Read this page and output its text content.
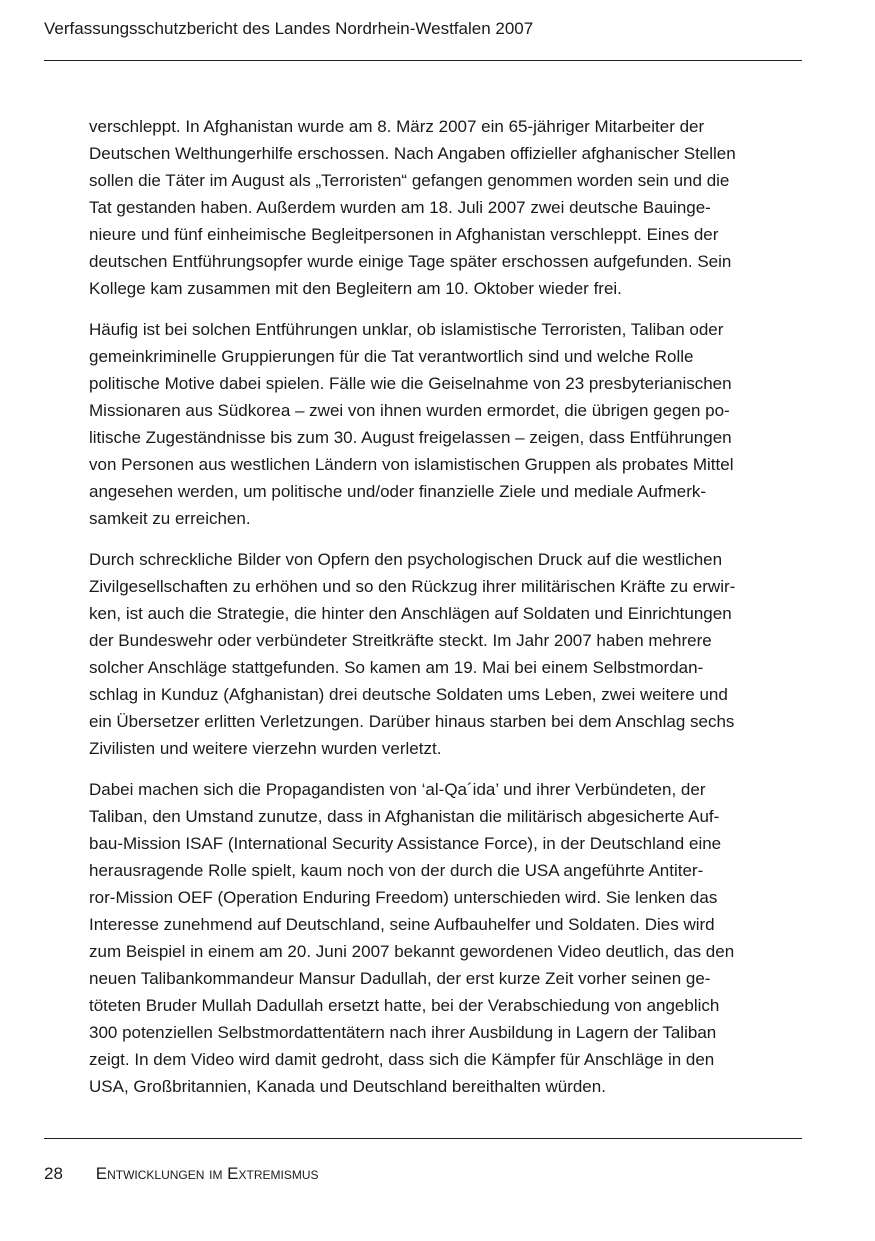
Verfassungsschutzbericht des Landes Nordrhein-Westfalen 2007

verschleppt. In Afghanistan wurde am 8. März 2007 ein 65-jähriger Mitarbeiter der
Deutschen Welthungerhilfe erschossen. Nach Angaben offizieller afghanischer Stellen
sollen die Täter im August als „Terroristen“ gefangen genommen worden sein und die
Tat gestanden haben. Außerdem wurden am 18. Juli 2007 zwei deutsche Bauinge-
nieure und fünf einheimische Begleitpersonen in Afghanistan verschleppt. Eines der
deutschen Entführungsopfer wurde einige Tage später erschossen aufgefunden. Sein
Kollege kam zusammen mit den Begleitern am 10. Oktober wieder frei.

Häufig ist bei solchen Entführungen unklar, ob islamistische Terroristen, Taliban oder
gemeinkriminelle Gruppierungen für die Tat verantwortlich sind und welche Rolle
politische Motive dabei spielen. Fälle wie die Geiselnahme von 23 presbyterianischen
Missionaren aus Südkorea – zwei von ihnen wurden ermordet, die übrigen gegen po-
litische Zugeständnisse bis zum 30. August freigelassen – zeigen, dass Entführungen
von Personen aus westlichen Ländern von islamistischen Gruppen als probates Mittel
angesehen werden, um politische und/oder finanzielle Ziele und mediale Aufmerk-
samkeit zu erreichen.

Durch schreckliche Bilder von Opfern den psychologischen Druck auf die westlichen
Zivilgesellschaften zu erhöhen und so den Rückzug ihrer militärischen Kräfte zu erwir-
ken, ist auch die Strategie, die hinter den Anschlägen auf Soldaten und Einrichtungen
der Bundeswehr oder verbündeter Streitkräfte steckt. Im Jahr 2007 haben mehrere
solcher Anschläge stattgefunden. So kamen am 19. Mai bei einem Selbstmordan-
schlag in Kunduz (Afghanistan) drei deutsche Soldaten ums Leben, zwei weitere und
ein Übersetzer erlitten Verletzungen. Darüber hinaus starben bei dem Anschlag sechs
Zivilisten und weitere vierzehn wurden verletzt.

Dabei machen sich die Propagandisten von ‘al-Qa´ida’ und ihrer Verbündeten, der
Taliban, den Umstand zunutze, dass in Afghanistan die militärisch abgesicherte Auf-
bau-Mission ISAF (International Security Assistance Force), in der Deutschland eine
herausragende Rolle spielt, kaum noch von der durch die USA angeführte Antiter-
ror-Mission OEF (Operation Enduring Freedom) unterschieden wird. Sie lenken das
Interesse zunehmend auf Deutschland, seine Aufbauhelfer und Soldaten. Dies wird
zum Beispiel in einem am 20. Juni 2007 bekannt gewordenen Video deutlich, das den
neuen Talibankommandeur Mansur Dadullah, der erst kurze Zeit vorher seinen ge-
töteten Bruder Mullah Dadullah ersetzt hatte, bei der Verabschiedung von angeblich
300 potenziellen Selbstmordattentätern nach ihrer Ausbildung in Lagern der Taliban
zeigt. In dem Video wird damit gedroht, dass sich die Kämpfer für Anschläge in den
USA, Großbritannien, Kanada und Deutschland bereithalten würden.

28 Entwicklungen im Extremismus
